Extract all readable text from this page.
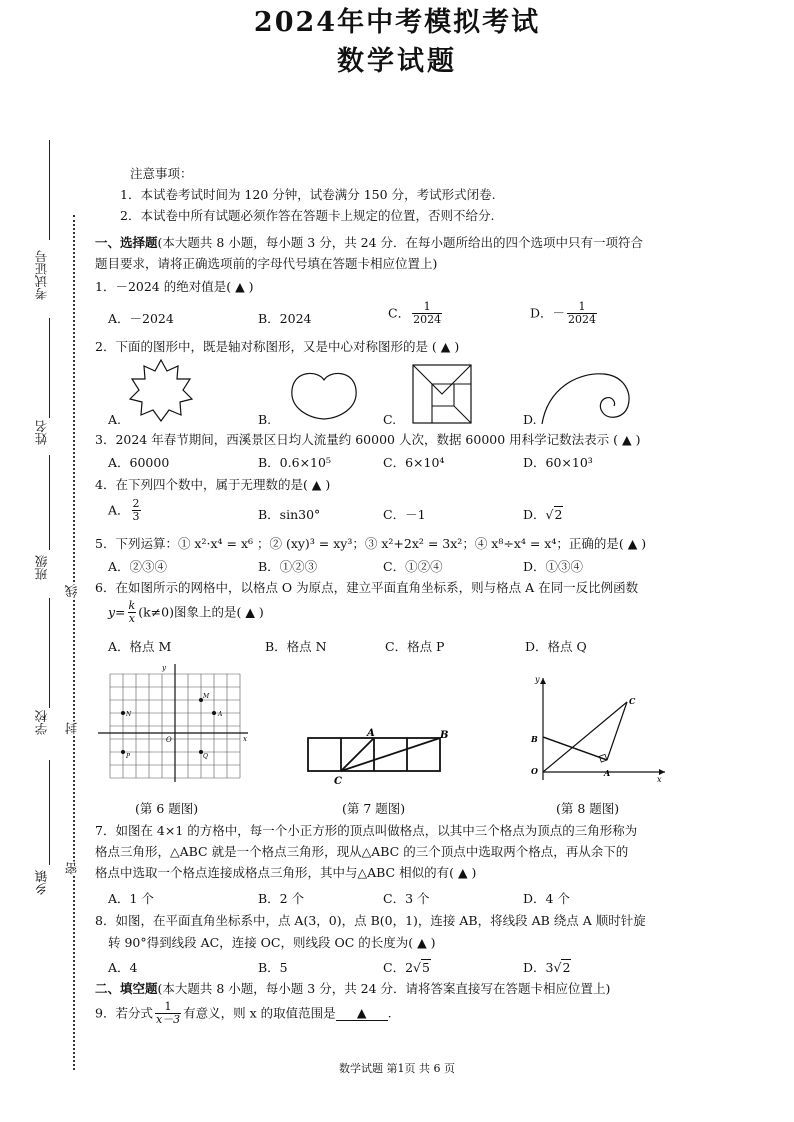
2024年中考模拟考试
数学试题
注意事项：
1．本试卷考试时间为 120 分钟，试卷满分 150 分，考试形式闭卷.
2．本试卷中所有试题必须作答在答题卡上规定的位置，否则不给分.
考试证号
姓名
班级
学校
乡镇
线
封
密
一、选择题(本大题共 8 小题，每小题 3 分，共 24 分．在每小题所给出的四个选项中只有一项符合
题目要求，请将正确选项前的字母代号填在答题卡相应位置上)
1．－2024 的绝对值是( ▲ )
A．－2024	B．2024	C． $\frac{1}{2024}$	D．－ $\frac{1}{2024}$
2．下面的图形中，既是轴对称图形，又是中心对称图形的是 ( ▲ )
A.	B.	C.	D.
3．2024 年春节期间，西溪景区日均人流量约 60000 人次，数据 60000 用科学记数法表示 ( ▲ )
A．60000	B．0.6×10⁵	C．6×10⁴	D．60×10³
4．在下列四个数中，属于无理数的是( ▲ )
A． $\frac{2}{3}$	B．sin30°	C．－1	D．√2
5．下列运算：① x²·x⁴ = x⁶ ；② (xy)³ = xy³；③ x²+2x² = 3x²；④ x⁸÷x⁴ = x⁴；正确的是( ▲ )
A．②③④	B．①②③	C．①②④	D．①③④
6．在如图所示的网格中，以格点 O 为原点，建立平面直角坐标系，则与格点 A 在同一反比例函数
$y= \frac{k}{x} (k\ne 0)$图象上的是( ▲ )
A．格点 M	B．格点 N	C．格点 P	D．格点 Q
y
x
O
M
A
N
P	Q
A	B
C
y
x
O	A
B
C
(第 6 题图)	(第 7 题图)	(第 8 题图)
7．如图在 4×1 的方格中，每一个小正方形的顶点叫做格点，以其中三个格点为顶点的三角形称为
格点三角形，△ABC 就是一个格点三角形，现从△ABC 的三个顶点中选取两个格点，再从余下的
格点中选取一个格点连接成格点三角形，其中与△ABC 相似的有( ▲ )
A．1 个	B．2 个	C．3 个	D．4 个
8．如图，在平面直角坐标系中，点 A(3，0)，点 B(0，1)，连接 AB，将线段 AB 绕点 A 顺时针旋
转 90°得到线段 AC，连接 OC，则线段 OC 的长度为( ▲ )
A．4	B．5	C．2√5	D．3√2
二、填空题(本大题共 8 小题，每小题 3 分，共 24 分．请将答案直接写在答题卡相应位置上)
9．若分式 $\frac{1}{x-3}$ 有意义，则 x 的取值范围是 ▲ .
数学试题 第1页 共 6 页
